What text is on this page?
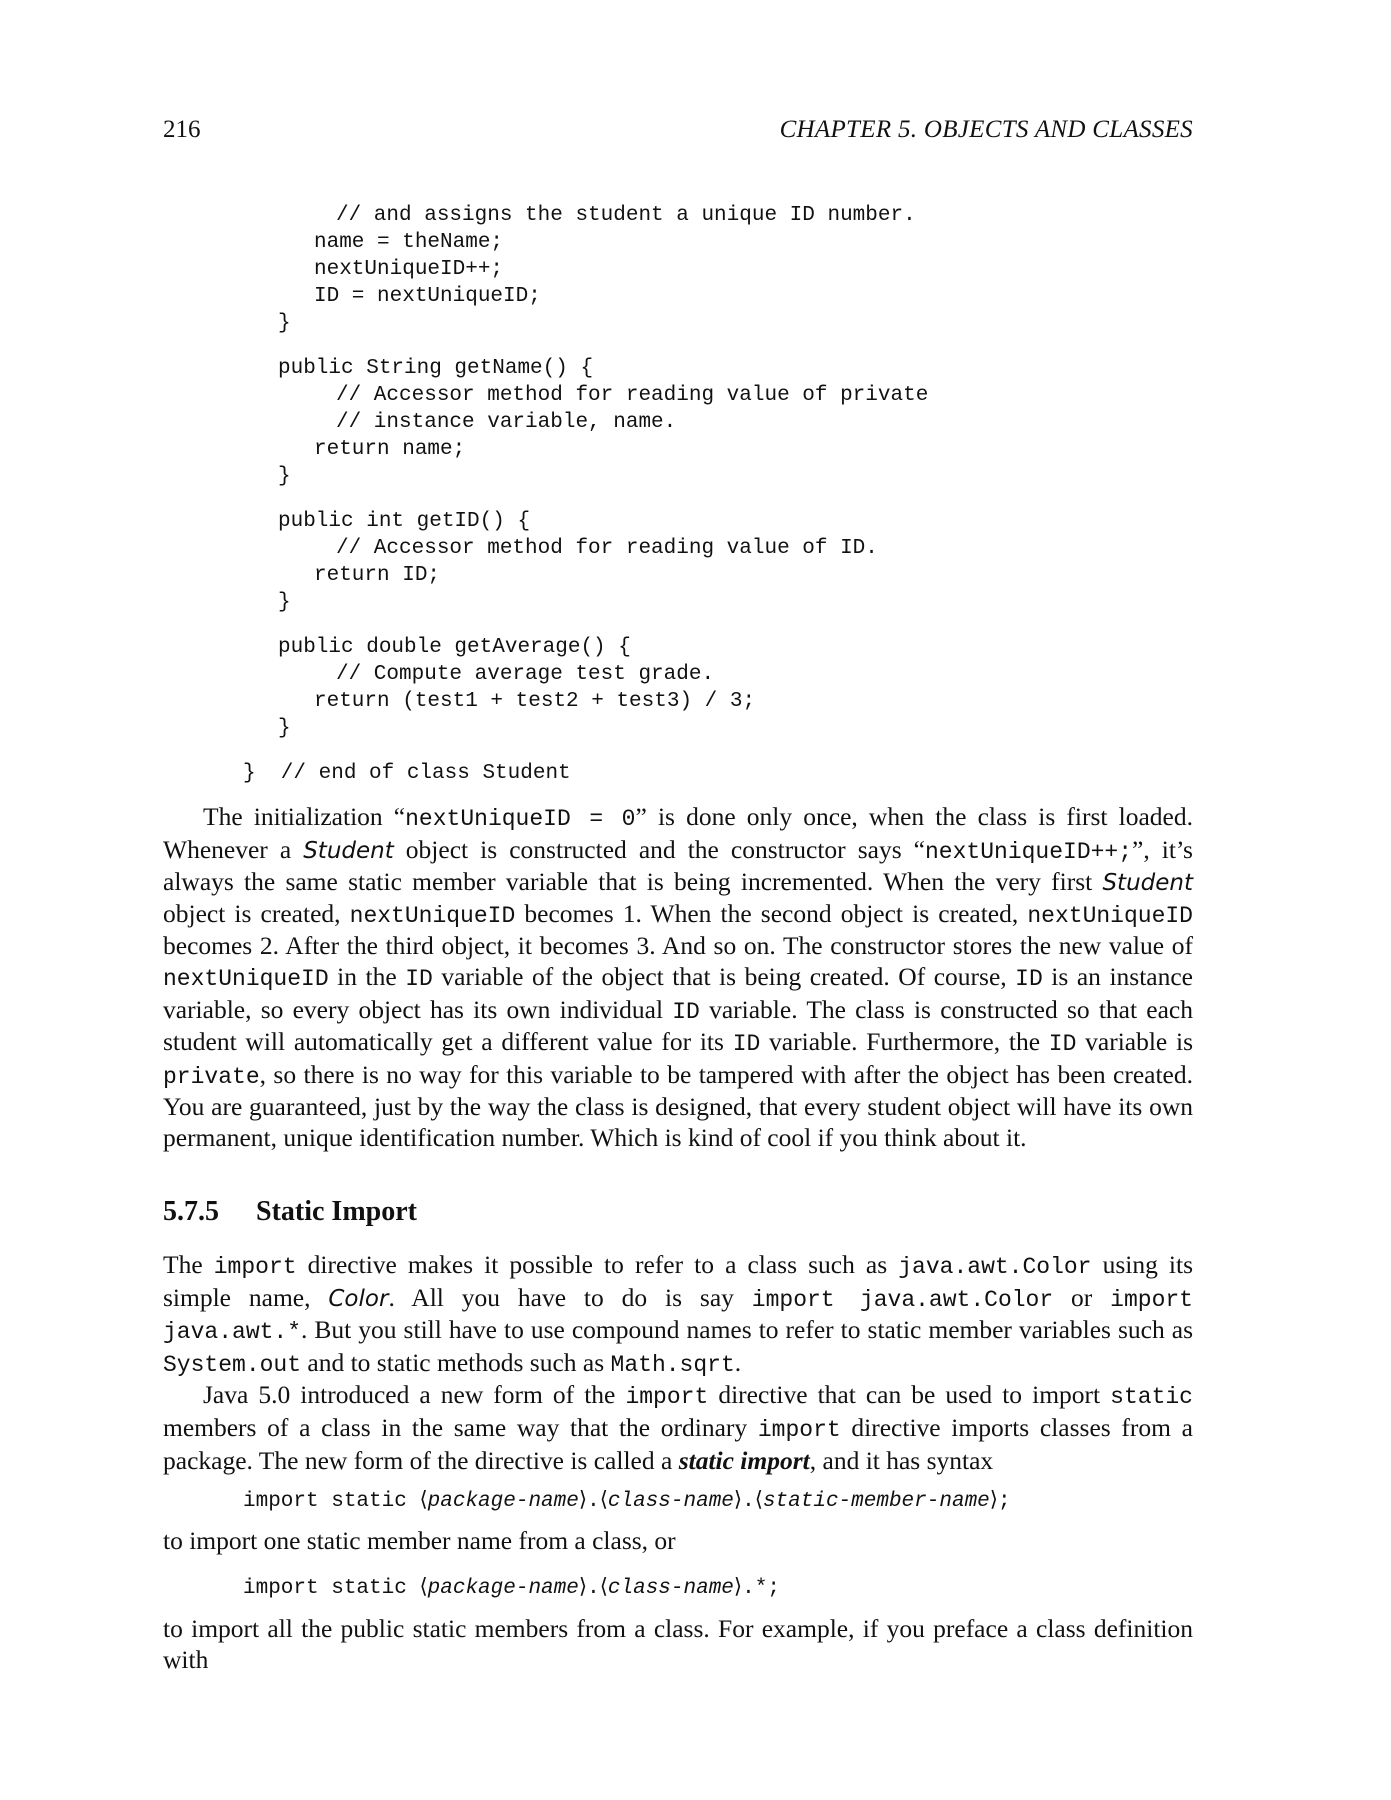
216	CHAPTER 5. OBJECTS AND CLASSES
// and assigns the student a unique ID number.
name = theName;
nextUniqueID++;
ID = nextUniqueID;
}
public String getName() {
// Accessor method for reading value of private
// instance variable, name.
return name;
}
public int getID() {
// Accessor method for reading value of ID.
return ID;
}
public double getAverage() {
// Compute average test grade.
return (test1 + test2 + test3) / 3;
}
}  // end of class Student

The initialization “nextUniqueID = 0” is done only once, when the class is first loaded. Whenever a Student object is constructed and the constructor says “nextUniqueID++;”, it’s always the same static member variable that is being incremented. When the very first Student object is created, nextUniqueID becomes 1. When the second object is created, nextUniqueID becomes 2. After the third object, it becomes 3. And so on. The constructor stores the new value of nextUniqueID in the ID variable of the object that is being created. Of course, ID is an instance variable, so every object has its own individual ID variable. The class is constructed so that each student will automatically get a different value for its ID variable. Furthermore, the ID variable is private, so there is no way for this variable to be tampered with after the object has been created. You are guaranteed, just by the way the class is designed, that every student object will have its own permanent, unique identification number. Which is kind of cool if you think about it.

5.7.5 Static Import

The import directive makes it possible to refer to a class such as java.awt.Color using its simple name, Color. All you have to do is say import java.awt.Color or import java.awt.*. But you still have to use compound names to refer to static member variables such as System.out and to static methods such as Math.sqrt.

Java 5.0 introduced a new form of the import directive that can be used to import static members of a class in the same way that the ordinary import directive imports classes from a package. The new form of the directive is called a static import, and it has syntax

import static ⟨package-name⟩.⟨class-name⟩.⟨static-member-name⟩;

to import one static member name from a class, or

import static ⟨package-name⟩.⟨class-name⟩.*;

to import all the public static members from a class. For example, if you preface a class definition with
